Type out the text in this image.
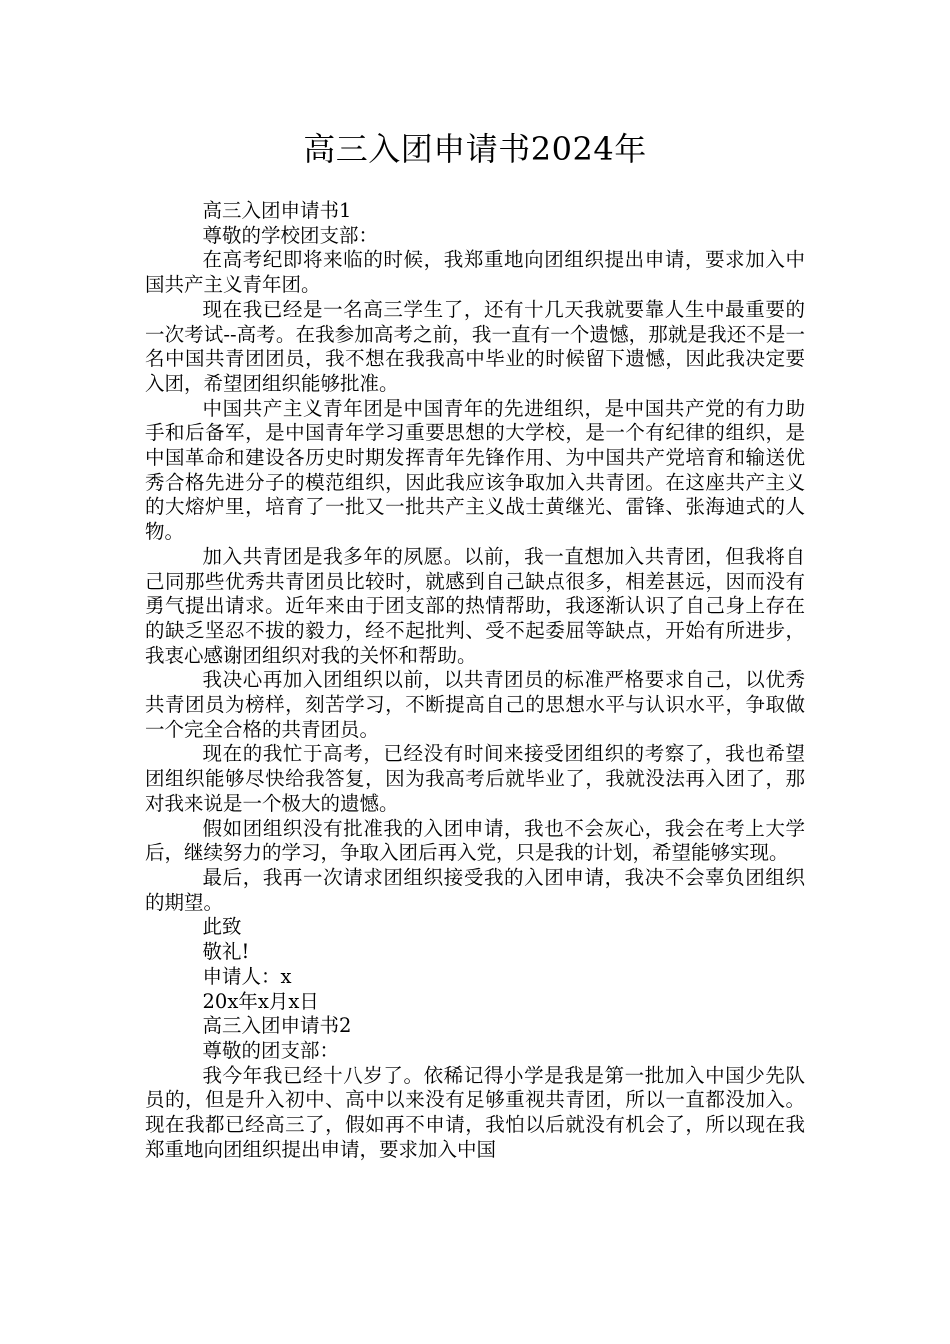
高三入团申请书2024年

高三入团申请书1

尊敬的学校团支部：

在高考纪即将来临的时候，我郑重地向团组织提出申请，要求加入中国共产主义青年团。

现在我已经是一名高三学生了，还有十几天我就要靠人生中最重要的一次考试--高考。在我参加高考之前，我一直有一个遗憾，那就是我还不是一名中国共青团团员，我不想在我我高中毕业的时候留下遗憾，因此我决定要入团，希望团组织能够批准。

中国共产主义青年团是中国青年的先进组织，是中国共产党的有力助手和后备军，是中国青年学习重要思想的大学校，是一个有纪律的组织，是中国革命和建设各历史时期发挥青年先锋作用、为中国共产党培育和输送优秀合格先进分子的模范组织，因此我应该争取加入共青团。在这座共产主义的大熔炉里，培育了一批又一批共产主义战士黄继光、雷锋、张海迪式的人物。

加入共青团是我多年的夙愿。以前，我一直想加入共青团，但我将自己同那些优秀共青团员比较时，就感到自己缺点很多，相差甚远，因而没有勇气提出请求。近年来由于团支部的热情帮助，我逐渐认识了自己身上存在的缺乏坚忍不拔的毅力，经不起批判、受不起委屈等缺点，开始有所进步，我衷心感谢团组织对我的关怀和帮助。

我决心再加入团组织以前，以共青团员的标准严格要求自己，以优秀共青团员为榜样，刻苦学习，不断提高自己的思想水平与认识水平，争取做一个完全合格的共青团员。

现在的我忙于高考，已经没有时间来接受团组织的考察了，我也希望团组织能够尽快给我答复，因为我高考后就毕业了，我就没法再入团了，那对我来说是一个极大的遗憾。

假如团组织没有批准我的入团申请，我也不会灰心，我会在考上大学后，继续努力的学习，争取入团后再入党，只是我的计划，希望能够实现。

最后，我再一次请求团组织接受我的入团申请，我决不会辜负团组织的期望。

此致

敬礼!

申请人：x

20x年x月x日

高三入团申请书2

尊敬的团支部：

我今年我已经十八岁了。依稀记得小学是我是第一批加入中国少先队员的，但是升入初中、高中以来没有足够重视共青团，所以一直都没加入。现在我都已经高三了，假如再不申请，我怕以后就没有机会了，所以现在我郑重地向团组织提出申请，要求加入中国
